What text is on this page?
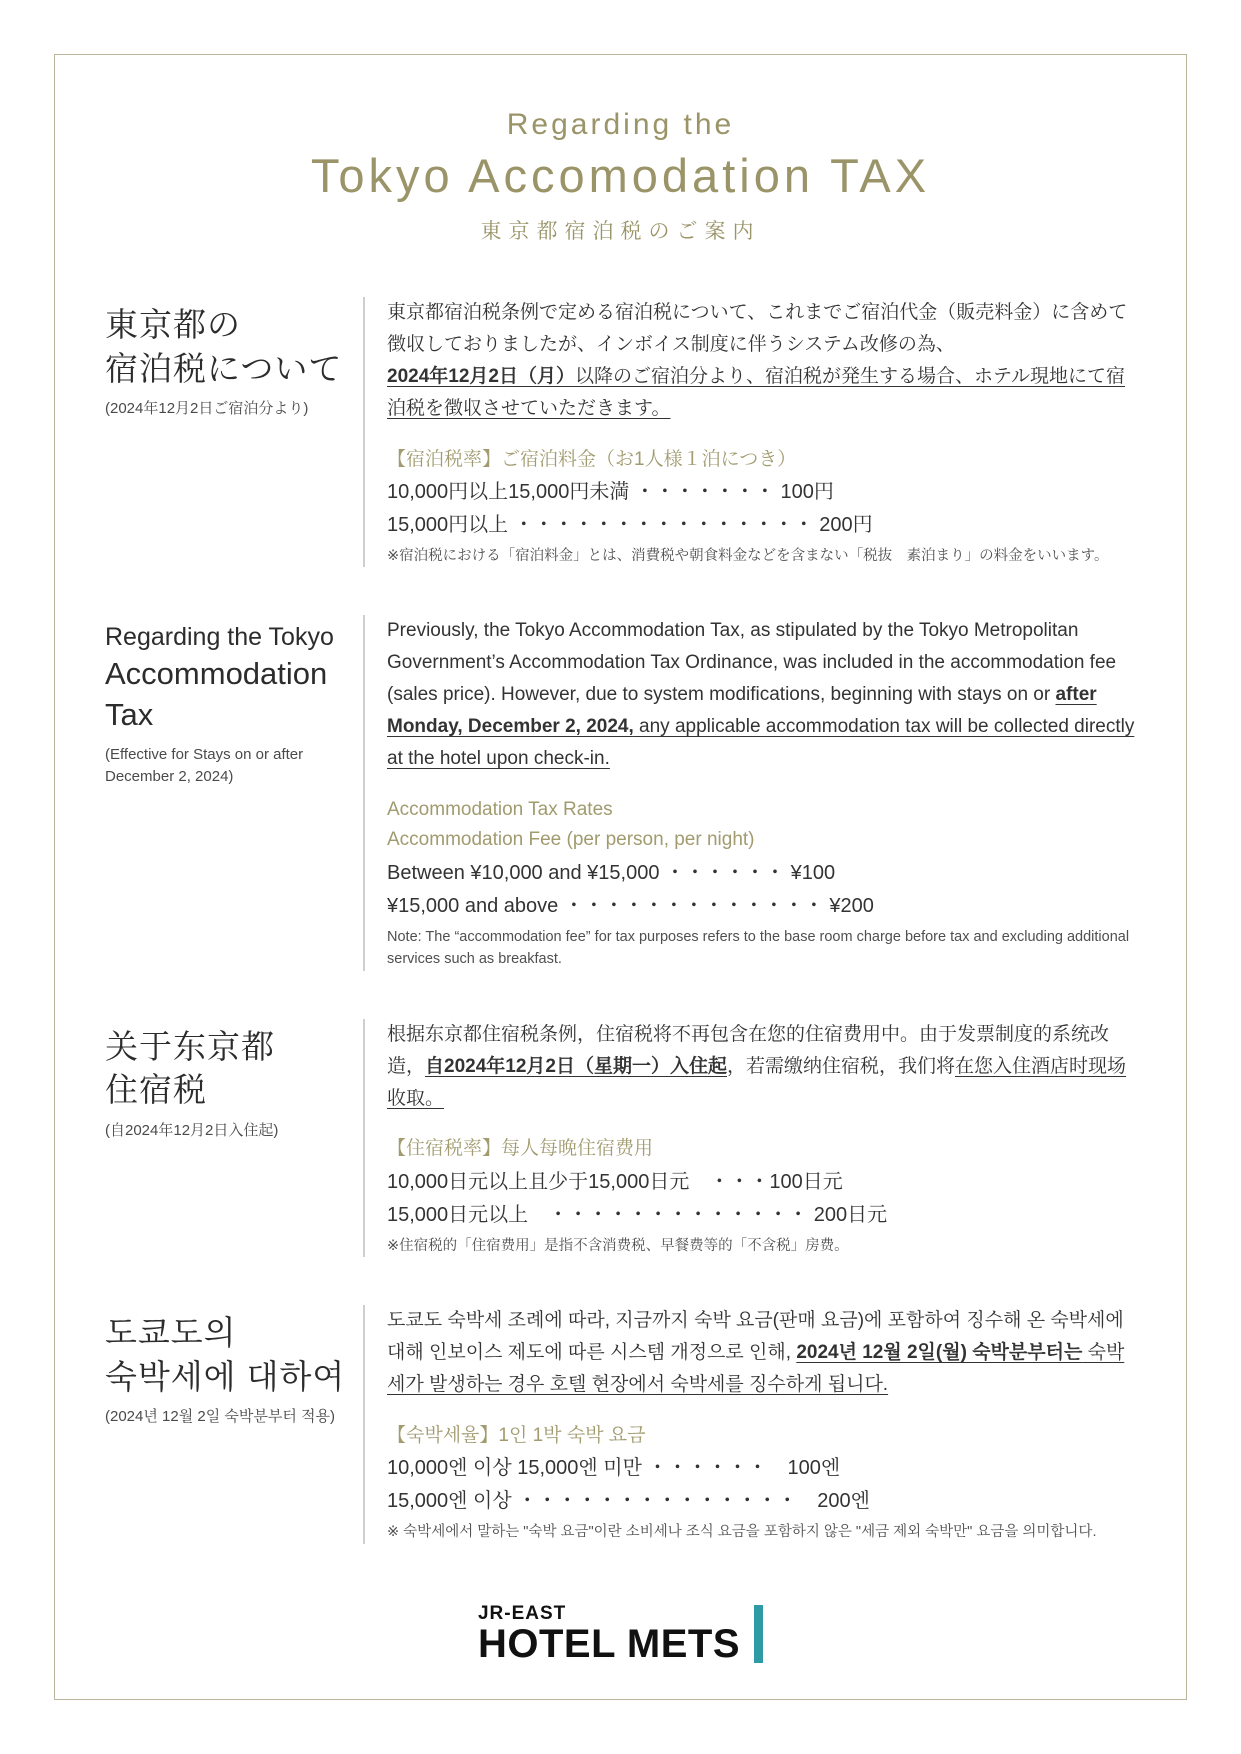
Regarding the
Tokyo Accomodation TAX
東京都宿泊税のご案内
東京都の
宿泊税について

(2024年12月2日ご宿泊分より)

東京都宿泊税条例で定める宿泊税について、これまでご宿泊代金（販売料金）に含めて徴収しておりましたが、インボイス制度に伴うシステム改修の為、2024年12月2日（月）以降のご宿泊分より、宿泊税が発生する場合、ホテル現地にて宿泊税を徴収させていただきます。

【宿泊税率】ご宿泊料金（お1人様１泊につき）

10,000円以上15,000円未満 ・・・・・・・ 100円

15,000円以上 ・・・・・・・・・・・・・・・ 200円

※宿泊税における「宿泊料金」とは、消費税や朝食料金などを含まない「税抜　素泊まり」の料金をいいます。

Regarding the Tokyo
Accommodation
Tax

(Effective for Stays on or after December 2, 2024)

Previously, the Tokyo Accommodation Tax, as stipulated by the Tokyo Metropolitan Government’s Accommodation Tax Ordinance, was included in the accommodation fee (sales price). However, due to system modifications, beginning with stays on or after Monday, December 2, 2024, any applicable accommodation tax will be collected directly at the hotel upon check-in.

Accommodation Tax Rates

Accommodation Fee (per person, per night)

Between ¥10,000 and ¥15,000 ・・・・・・ ¥100

¥15,000 and above ・・・・・・・・・・・・・ ¥200

Note: The “accommodation fee” for tax purposes refers to the base room charge before tax and excluding additional services such as breakfast.

关于东京都
住宿税

(自2024年12月2日入住起)

根据东京都住宿税条例，住宿税将不再包含在您的住宿费用中。由于发票制度的系统改造，自2024年12月2日（星期一）入住起，若需缴纳住宿税，我们将在您入住酒店时现场收取。

【住宿税率】每人每晚住宿费用

10,000日元以上且少于15,000日元　・・・100日元

15,000日元以上　・・・・・・・・・・・・・ 200日元

※住宿税的「住宿费用」是指不含消费税、早餐费等的「不含税」房费。

도쿄도의
숙박세에 대하여

(2024년 12월 2일 숙박분부터 적용)

도쿄도 숙박세 조례에 따라, 지금까지 숙박 요금(판매 요금)에 포함하여 징수해 온 숙박세에 대해 인보이스 제도에 따른 시스템 개정으로 인해, 2024년 12월 2일(월) 숙박분부터는 숙박세가 발생하는 경우 호텔 현장에서 숙박세를 징수하게 됩니다.

【숙박세율】1인 1박 숙박 요금

10,000엔 이상 15,000엔 미만 ・・・・・・　100엔

15,000엔 이상 ・・・・・・・・・・・・・・　200엔

※ 숙박세에서 말하는 "숙박 요금"이란 소비세나 조식 요금을 포함하지 않은 "세금 제외 숙박만" 요금을 의미합니다.

JR-EAST
HOTEL METS
